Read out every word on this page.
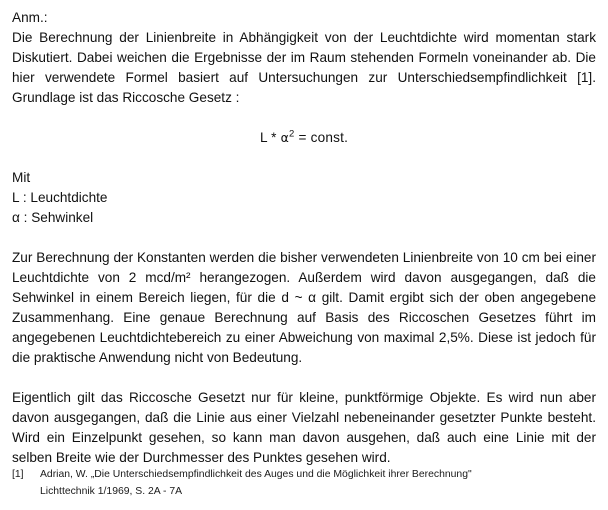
Anm.:

Die Berechnung der Linienbreite in Abhängigkeit von der Leuchtdichte wird momentan stark Diskutiert. Dabei weichen die Ergebnisse der im Raum stehenden Formeln voneinander ab. Die hier verwendete Formel basiert auf Untersuchungen zur Unterschiedsempfindlichkeit [1]. Grundlage ist das Riccosche Gesetz :

L * $\alpha^2$ = const.
Mit
L : Leuchtdichte
α : Sehwinkel

Zur Berechnung der Konstanten werden die bisher verwendeten Linienbreite von 10 cm bei einer Leuchtdichte von 2 mcd/m² herangezogen. Außerdem wird davon ausgegangen, daß die Sehwinkel in einem Bereich liegen, für die d ~ α gilt. Damit ergibt sich der oben angegebene Zusammenhang. Eine genaue Berechnung auf Basis des Riccoschen Gesetzes führt im angegebenen Leuchtdichtebereich zu einer Abweichung von maximal 2,5%. Diese ist jedoch für die praktische Anwendung nicht von Bedeutung.

Eigentlich gilt das Riccosche Gesetzt nur für kleine, punktförmige Objekte. Es wird nun aber davon ausgegangen, daß die Linie aus einer Vielzahl nebeneinander gesetzter Punkte besteht. Wird ein Einzelpunkt gesehen, so kann man davon ausgehen, daß auch eine Linie mit der selben Breite wie der Durchmesser des Punktes gesehen wird.

[1]	Adrian, W. „Die Unterschiedsempfindlichkeit des Auges und die Möglichkeit ihrer Berechnung"
Lichttechnik 1/1969, S. 2A - 7A
